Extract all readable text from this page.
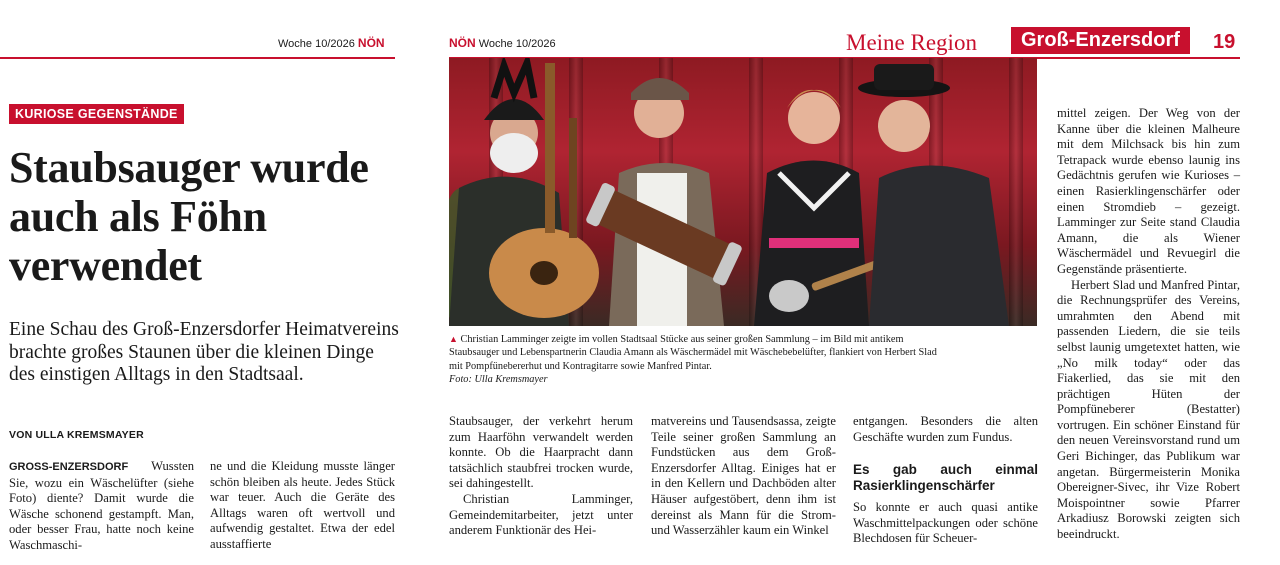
Woche 10/2026 NÖN
KURIOSE GEGENSTÄNDE
Staubsauger wurde auch als Föhn verwendet
Eine Schau des Groß-Enzersdorfer Heimatvereins brachte großes Staunen über die kleinen Dinge des einstigen Alltags in den Stadtsaal.
VON ULLA KREMSMAYER

GROSS-ENZERSDORF Wussten Sie, wozu ein Wäschelüfter (siehe Foto) diente? Damit wurde die Wäsche schonend gestampft. Man, oder besser Frau, hatte noch keine Waschmaschi-

ne und die Kleidung musste länger schön bleiben als heute. Jedes Stück war teuer. Auch die Geräte des Alltags waren oft wertvoll und aufwendig gestaltet. Etwa der edel ausstaffierte

NÖN Woche 10/2026	Meine Region	Groß-Enzersdorf	19
▲ Christian Lamminger zeigte im vollen Stadtsaal Stücke aus seiner großen Sammlung – im Bild mit antikem Staubsauger und Lebenspartnerin Claudia Amann als Wäschermädel mit Wäschebebelüfter, flankiert von Herbert Slad mit Pompfünebererhut und Kontragitarre sowie Manfred Pintar.
Foto: Ulla Kremsmayer

Staubsauger, der verkehrt herum zum Haarföhn verwandelt werden konnte. Ob die Haarpracht dann tatsächlich staubfrei trocken wurde, sei dahingestellt.

Christian Lamminger, Gemeindemitarbeiter, jetzt unter anderem Funktionär des Hei-

matvereins und Tausendsassa, zeigte Teile seiner großen Sammlung an Fundstücken aus dem Groß-Enzersdorfer Alltag. Einiges hat er in den Kellern und Dachböden alter Häuser aufgestöbert, denn ihm ist dereinst als Mann für die Strom- und Wasserzähler kaum ein Winkel

entgangen. Besonders die alten Geschäfte wurden zum Fundus.

Es gab auch einmal Rasierklingenschärfer

So konnte er auch quasi antike Waschmittelpackungen oder schöne Blechdosen für Scheuer-

mittel zeigen. Der Weg von der Kanne über die kleinen Malheure mit dem Milchsack bis hin zum Tetrapack wurde ebenso launig ins Gedächtnis gerufen wie Kurioses – einen Rasierklingenschärfer oder einen Stromdieb – gezeigt. Lamminger zur Seite stand Claudia Amann, die als Wiener Wäschermädel und Revuegirl die Gegenstände präsentierte.

Herbert Slad und Manfred Pintar, die Rechnungsprüfer des Vereins, umrahmten den Abend mit passenden Liedern, die sie teils selbst launig umgetextet hatten, wie „No milk today“ oder das Fiakerlied, das sie mit den prächtigen Hüten der Pompfüneberer (Bestatter) vortrugen. Ein schöner Einstand für den neuen Vereinsvorstand rund um Geri Bichinger, das Publikum war angetan. Bürgermeisterin Monika Obereigner-Sivec, ihr Vize Robert Moispointner sowie Pfarrer Arkadiusz Borowski zeigten sich beeindruckt.
